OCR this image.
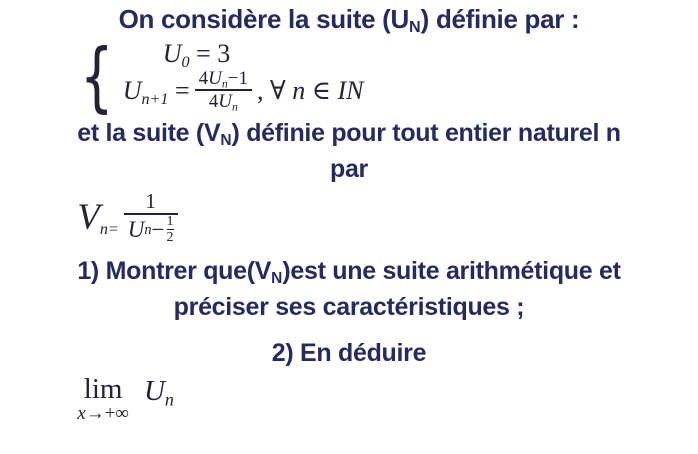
On considère la suite $(U_N)$ définie par :
{	$U_0 = 3$
$U_{n+1} = \frac{4U_n-1}{4U_n}$ , ∀ n ∈ IN

et la suite $(V_N)$ définie pour tout entier naturel n

par

$V_{n=} \frac{1}{U n - \frac{1}{2}}$

1) Montrer $que(V_N)est$ une suite arithmétique et

préciser ses caractéristiques ;

2) En déduire

lim
x→+∞
$U_n$
